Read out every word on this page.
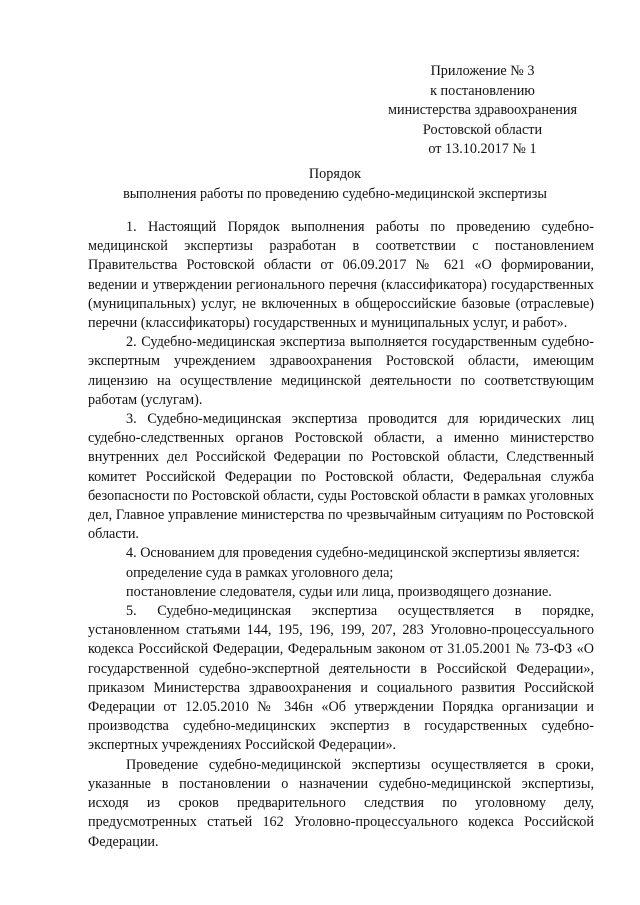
Приложение № 3
к постановлению
министерства здравоохранения
Ростовской области
от 13.10.2017 № 1
Порядок
выполнения работы по проведению судебно-медицинской экспертизы

1. Настоящий Порядок выполнения работы по проведению судебно-медицинской экспертизы разработан в соответствии с постановлением Правительства Ростовской области от 06.09.2017 № 621 «О формировании, ведении и утверждении регионального перечня (классификатора) государственных (муниципальных) услуг, не включенных в общероссийские базовые (отраслевые) перечни (классификаторы) государственных и муниципальных услуг, и работ».

2. Судебно-медицинская экспертиза выполняется государственным судебно-экспертным учреждением здравоохранения Ростовской области, имеющим лицензию на осуществление медицинской деятельности по соответствующим работам (услугам).

3. Судебно-медицинская экспертиза проводится для юридических лиц судебно-следственных органов Ростовской области, а именно министерство внутренних дел Российской Федерации по Ростовской области, Следственный комитет Российской Федерации по Ростовской области, Федеральная служба безопасности по Ростовской области, суды Ростовской области в рамках уголовных дел, Главное управление министерства по чрезвычайным ситуациям по Ростовской области.

4. Основанием для проведения судебно-медицинской экспертизы является:

определение суда в рамках уголовного дела;

постановление следователя, судьи или лица, производящего дознание.

5. Судебно-медицинская экспертиза осуществляется в порядке, установленном статьями 144, 195, 196, 199, 207, 283 Уголовно-процессуального кодекса Российской Федерации, Федеральным законом от 31.05.2001 № 73-ФЗ «О государственной судебно-экспертной деятельности в Российской Федерации», приказом Министерства здравоохранения и социального развития Российской Федерации от 12.05.2010 № 346н «Об утверждении Порядка организации и производства судебно-медицинских экспертиз в государственных судебно-экспертных учреждениях Российской Федерации».

Проведение судебно-медицинской экспертизы осуществляется в сроки, указанные в постановлении о назначении судебно-медицинской экспертизы, исходя из сроков предварительного следствия по уголовному делу, предусмотренных статьей 162 Уголовно-процессуального кодекса Российской Федерации.
